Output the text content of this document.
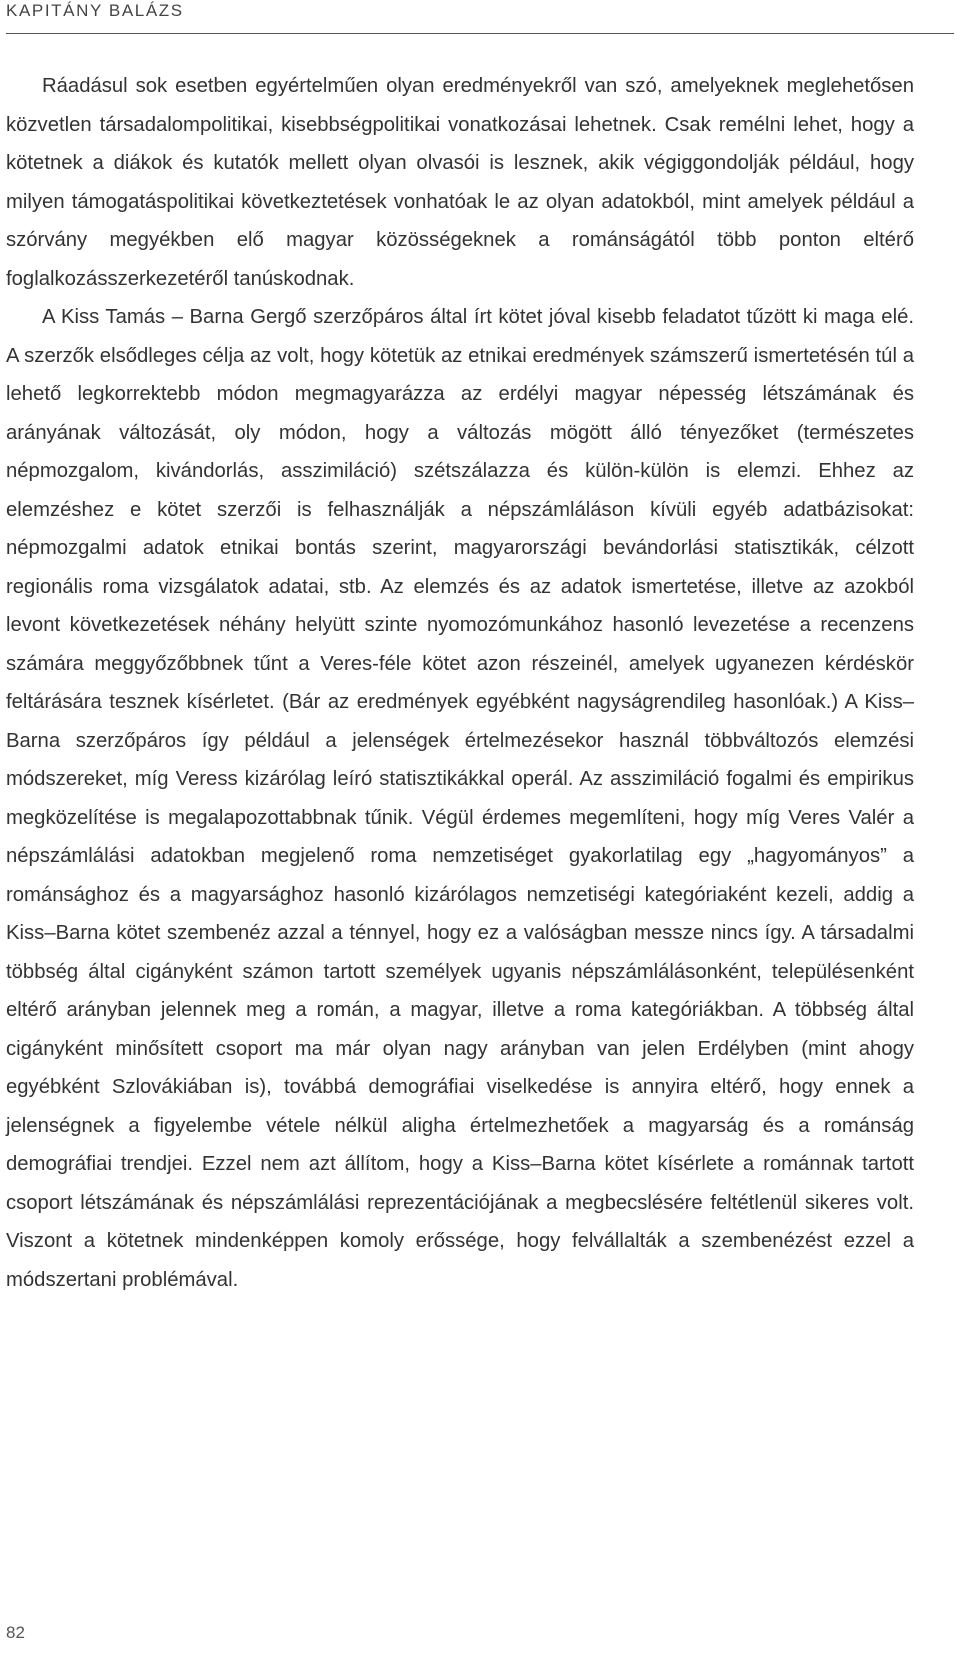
KAPITÁNY BALÁZS

Ráadásul sok esetben egyértelműen olyan eredményekről van szó, amelyeknek meglehetősen közvetlen társadalompolitikai, kisebbségpolitikai vonatkozásai lehetnek. Csak remélni lehet, hogy a kötetnek a diákok és kutatók mellett olyan olvasói is lesznek, akik végiggondolják például, hogy milyen támogatáspolitikai következtetések vonhatóak le az olyan adatokból, mint amelyek például a szórvány megyékben elő magyar közösségeknek a románságától több ponton eltérő foglalkozásszerkezetéről tanúskodnak.

A Kiss Tamás – Barna Gergő szerzőpáros által írt kötet jóval kisebb feladatot tűzött ki maga elé. A szerzők elsődleges célja az volt, hogy kötetük az etnikai eredmények számszerű ismertetésén túl a lehető legkorrektebb módon megmagyarázza az erdélyi magyar népesség létszámának és arányának változását, oly módon, hogy a változás mögött álló tényezőket (természetes népmozgalom, kivándorlás, asszimiláció) szétszálazza és külön-külön is elemzi. Ehhez az elemzéshez e kötet szerzői is felhasználják a népszámláláson kívüli egyéb adatbázisokat: népmozgalmi adatok etnikai bontás szerint, magyarországi bevándorlási statisztikák, célzott regionális roma vizsgálatok adatai, stb. Az elemzés és az adatok ismertetése, illetve az azokból levont következetések néhány helyütt szinte nyomozómunkához hasonló levezetése a recenzens számára meggyőzőbbnek tűnt a Veres-féle kötet azon részeinél, amelyek ugyanezen kérdéskör feltárására tesznek kísérletet. (Bár az eredmények egyébként nagyságrendileg hasonlóak.) A Kiss–Barna szerzőpáros így például a jelenségek értelmezésekor használ többváltozós elemzési módszereket, míg Veress kizárólag leíró statisztikákkal operál. Az asszimiláció fogalmi és empirikus megközelítése is megalapozottabbnak tűnik. Végül érdemes megemlíteni, hogy míg Veres Valér a népszámlálási adatokban megjelenő roma nemzetiséget gyakorlatilag egy „hagyományos” a románsághoz és a magyarsághoz hasonló kizárólagos nemzetiségi kategóriaként kezeli, addig a Kiss–Barna kötet szembenéz azzal a ténnyel, hogy ez a valóságban messze nincs így. A társadalmi többség által cigányként számon tartott személyek ugyanis népszámlálásonként, településenként eltérő arányban jelennek meg a román, a magyar, illetve a roma kategóriákban. A többség által cigányként minősített csoport ma már olyan nagy arányban van jelen Erdélyben (mint ahogy egyébként Szlovákiában is), továbbá demográfiai viselkedése is annyira eltérő, hogy ennek a jelenségnek a figyelembe vétele nélkül aligha értelmezhetőek a magyarság és a románság demográfiai trendjei. Ezzel nem azt állítom, hogy a Kiss–Barna kötet kísérlete a románnak tartott csoport létszámának és népszámlálási reprezentációjának a megbecslésére feltétlenül sikeres volt. Viszont a kötetnek mindenképpen komoly erőssége, hogy felvállalták a szembenézést ezzel a módszertani problémával.

82
